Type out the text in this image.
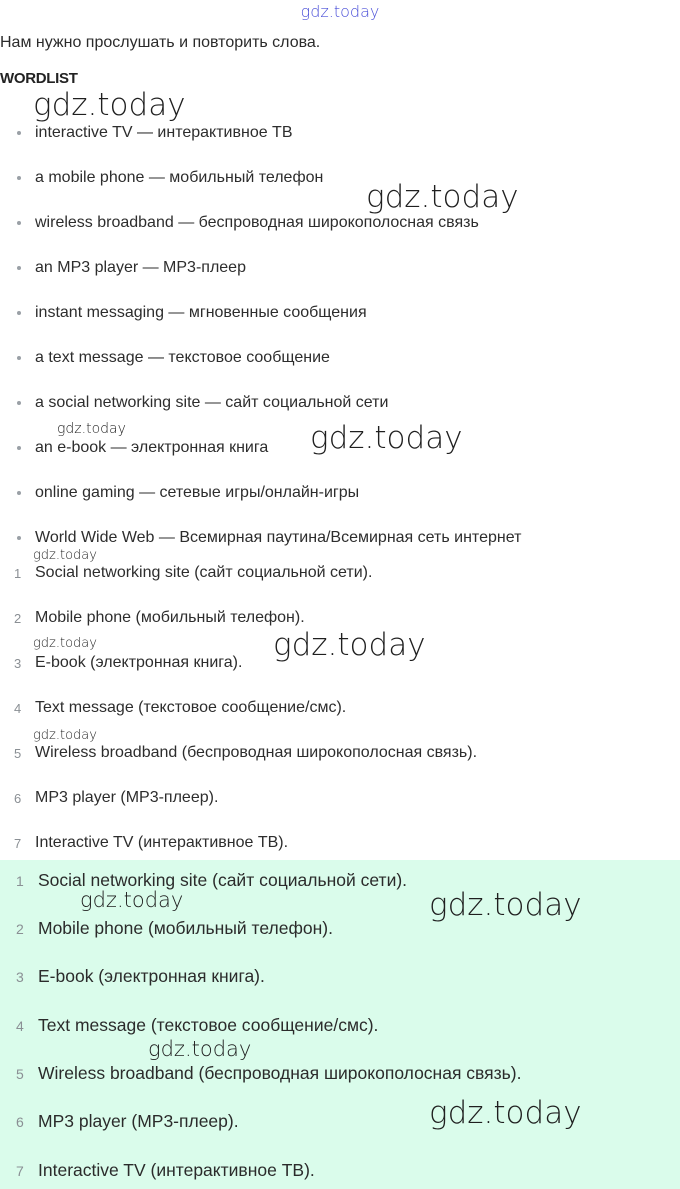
gdz.today
gdz.today
gdz.today
gdz.today	gdz.today
gdz.today
gdz.today	gdz.today
gdz.today
Нам нужно прослушать и повторить слова.
WORDLIST
interactive TV — интерактивное ТВ
a mobile phone — мобильный телефон
wireless broadband — беспроводная широкополосная связь
an MP3 player — MP3-плеер
instant messaging — мгновенные сообщения
a text message — текстовое сообщение
a social networking site — сайт социальной сети
an e-book — электронная книга
online gaming — сетевые игры/онлайн-игры
World Wide Web — Всемирная паутина/Всемирная сеть интернет
1 Social networking site (сайт социальной сети).
2 Mobile phone (мобильный телефон).
3 E-book (электронная книга).
4 Text message (текстовое сообщение/смс).
5 Wireless broadband (беспроводная широкополосная связь).
6 MP3 player (MP3-плеер).
7 Interactive TV (интерактивное ТВ).
1 Social networking site (сайт социальной сети).
2 Mobile phone (мобильный телефон).
3 E-book (электронная книга).
4 Text message (текстовое сообщение/смс).
5 Wireless broadband (беспроводная широкополосная связь).
6 MP3 player (MP3-плеер).
7 Interactive TV (интерактивное ТВ).
gdz.today	gdz.today
gdz.today
gdz.today
